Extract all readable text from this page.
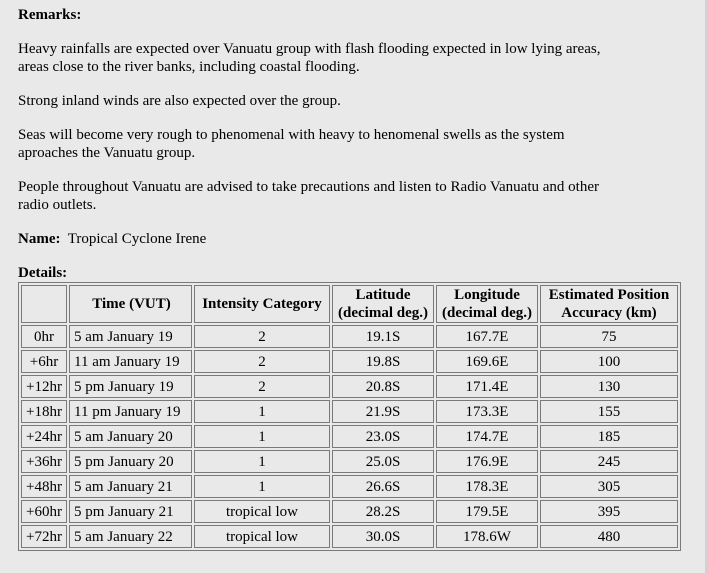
Remarks:

Heavy rainfalls are expected over Vanuatu group with flash flooding expected in low lying areas,
areas close to the river banks, including coastal flooding.

Strong inland winds are also expected over the group.

Seas will become very rough to phenomenal with heavy to henomenal swells as the system
aproaches the Vanuatu group.

People throughout Vanuatu are advised to take precautions and listen to Radio Vanuatu and other
radio outlets.

Name: Tropical Cyclone Irene

Details:

	Time (VUT)	Intensity Category	Latitude
(decimal deg.)	Longitude
(decimal deg.)	Estimated Position
Accuracy (km)
0hr	5 am January 19	2	19.1S	167.7E	75
+6hr	11 am January 19	2	19.8S	169.6E	100
+12hr	5 pm January 19	2	20.8S	171.4E	130
+18hr	11 pm January 19	1	21.9S	173.3E	155
+24hr	5 am January 20	1	23.0S	174.7E	185
+36hr	5 pm January 20	1	25.0S	176.9E	245
+48hr	5 am January 21	1	26.6S	178.3E	305
+60hr	5 pm January 21	tropical low	28.2S	179.5E	395
+72hr	5 am January 22	tropical low	30.0S	178.6W	480
